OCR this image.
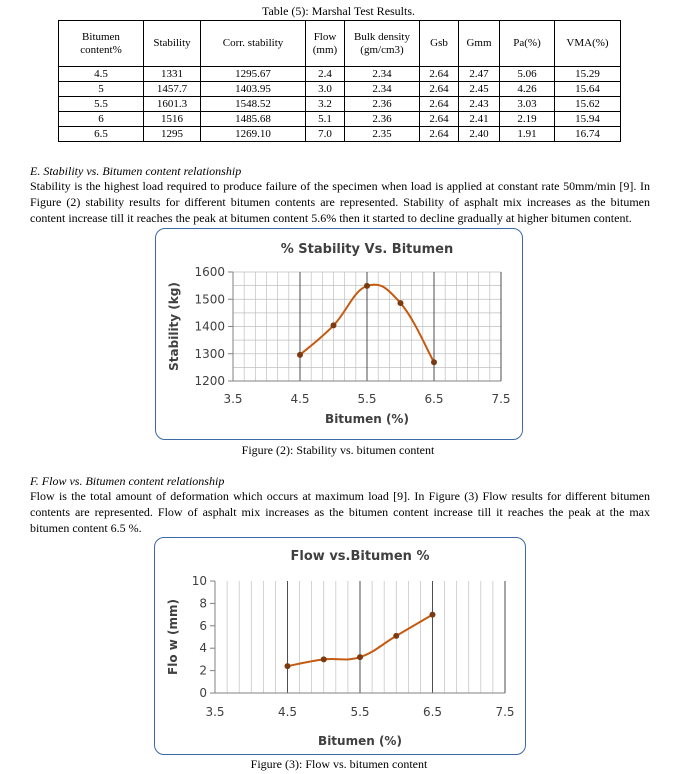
Table (5): Marshal Test Results.
Bitumen content%	Stability	Corr. stability	Flow (mm)	Bulk density (gm/cm3)	Gsb	Gmm	Pa(%)	VMA(%)
4.5	1331	1295.67	2.4	2.34	2.64	2.47	5.06	15.29
5	1457.7	1403.95	3.0	2.34	2.64	2.45	4.26	15.64
5.5	1601.3	1548.52	3.2	2.36	2.64	2.43	3.03	15.62
6	1516	1485.68	5.1	2.36	2.64	2.41	2.19	15.94
6.5	1295	1269.10	7.0	2.35	2.64	2.40	1.91	16.74
E. Stability vs. Bitumen content relationship
Stability is the highest load required to produce failure of the specimen when load is applied at constant rate 50mm/min [9]. In Figure (2) stability results for different bitumen contents are represented. Stability of asphalt mix increases as the bitumen content increase till it reaches the peak at bitumen content 5.6% then it started to decline gradually at higher bitumen content.
1200
1300
1400
1500
1600
3.5	4.5	5.5	6.5	7.5
% Stability Vs. Bitumen
Bitumen (%)
Stability (kg)
Figure (2): Stability vs. bitumen content
F. Flow vs. Bitumen content relationship
Flow is the total amount of deformation which occurs at maximum load [9]. In Figure (3) Flow results for different bitumen contents are represented. Flow of asphalt mix increases as the bitumen content increase till it reaches the peak at the max bitumen content 6.5 %.
0
2
4
6
8
10
3.5	4.5	5.5	6.5	7.5
Flow vs.Bitumen %
Bitumen (%)
Flo w (mm)
Figure (3): Flow vs. bitumen content
